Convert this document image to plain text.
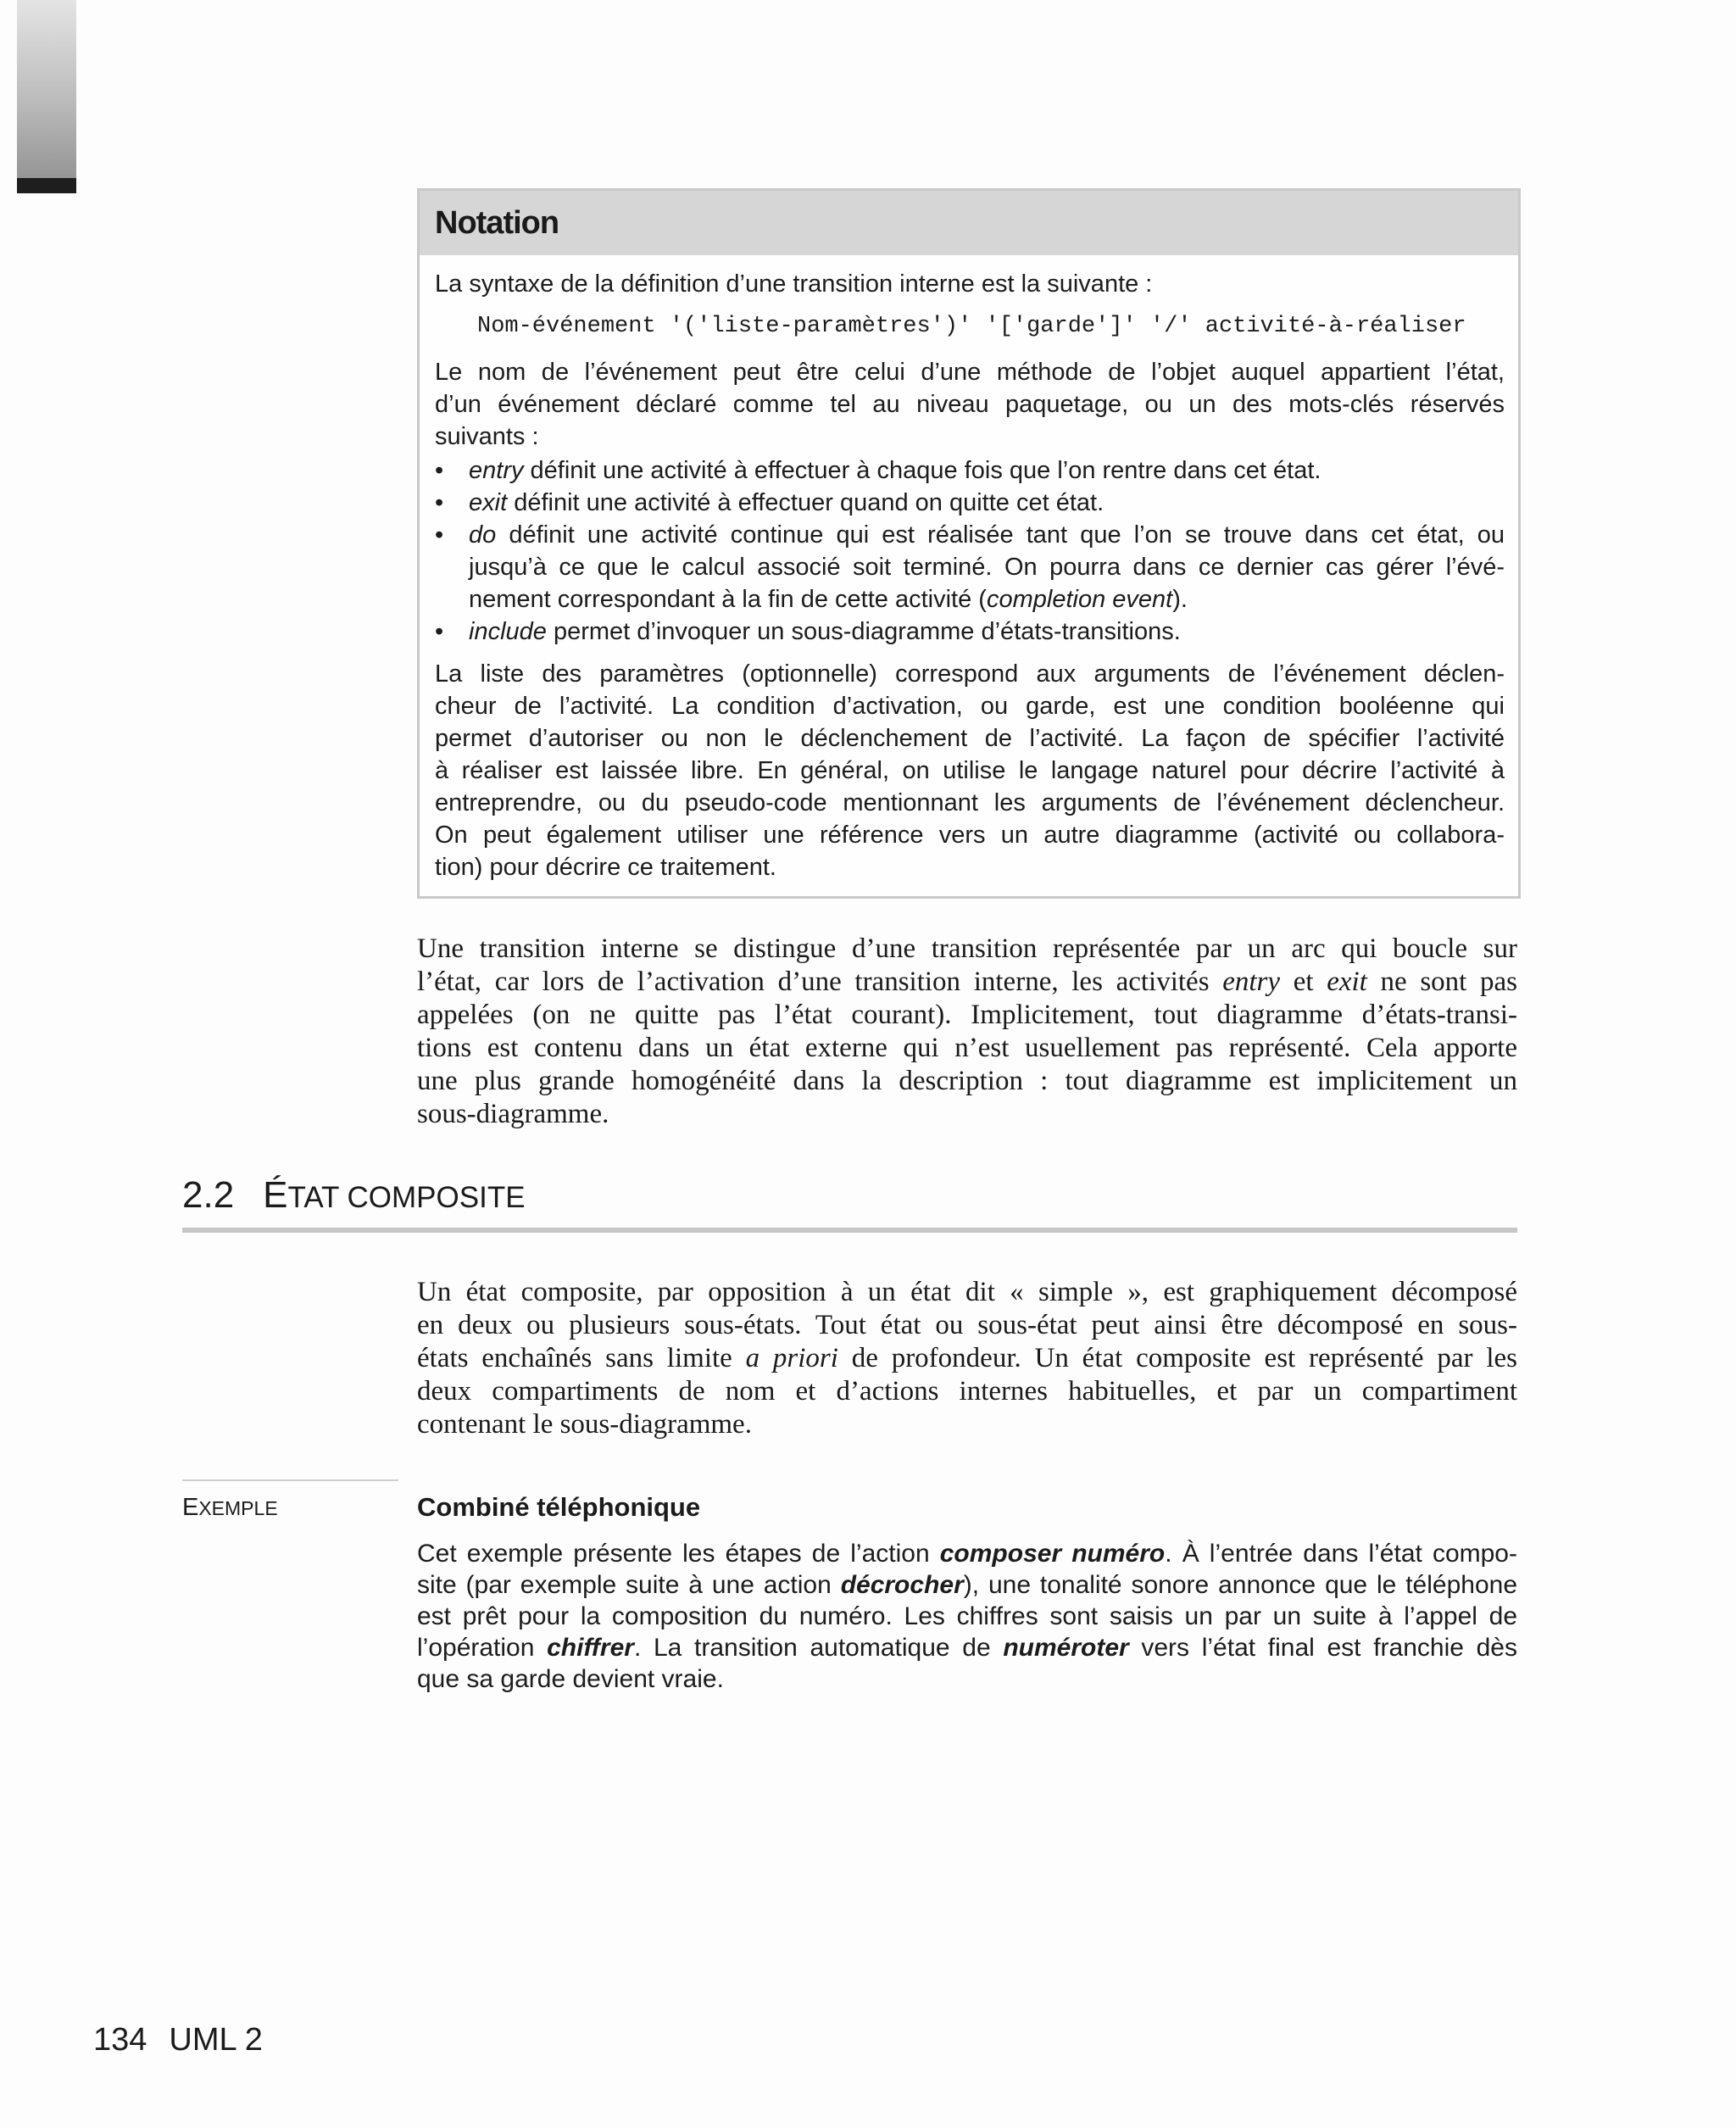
Notation
La syntaxe de la définition d’une transition interne est la suivante :
Nom-événement '('liste-paramètres')' '['garde']' '/' activité-à-réaliser
Le nom de l’événement peut être celui d’une méthode de l’objet auquel appartient l’état,
d’un événement déclaré comme tel au niveau paquetage, ou un des mots-clés réservés
suivants :
• entry définit une activité à effectuer à chaque fois que l’on rentre dans cet état.
• exit définit une activité à effectuer quand on quitte cet état.
• do définit une activité continue qui est réalisée tant que l’on se trouve dans cet état, ou
jusqu’à ce que le calcul associé soit terminé. On pourra dans ce dernier cas gérer l’évé-
nement correspondant à la fin de cette activité (completion event).
• include permet d’invoquer un sous-diagramme d’états-transitions.
La liste des paramètres (optionnelle) correspond aux arguments de l’événement déclen-
cheur de l’activité. La condition d’activation, ou garde, est une condition booléenne qui
permet d’autoriser ou non le déclenchement de l’activité. La façon de spécifier l’activité
à réaliser est laissée libre. En général, on utilise le langage naturel pour décrire l’activité à
entreprendre, ou du pseudo-code mentionnant les arguments de l’événement déclencheur.
On peut également utiliser une référence vers un autre diagramme (activité ou collabora-
tion) pour décrire ce traitement.
Une transition interne se distingue d’une transition représentée par un arc qui boucle sur
l’état, car lors de l’activation d’une transition interne, les activités entry et exit ne sont pas
appelées (on ne quitte pas l’état courant). Implicitement, tout diagramme d’états-transi-
tions est contenu dans un état externe qui n’est usuellement pas représenté. Cela apporte
une plus grande homogénéité dans la description : tout diagramme est implicitement un
sous-diagramme.
2.2 ÉTAT COMPOSITE
Un état composite, par opposition à un état dit « simple », est graphiquement décomposé
en deux ou plusieurs sous-états. Tout état ou sous-état peut ainsi être décomposé en sous-
états enchaînés sans limite a priori de profondeur. Un état composite est représenté par les
deux compartiments de nom et d’actions internes habituelles, et par un compartiment
contenant le sous-diagramme.
EXEMPLE	Combiné téléphonique
Cet exemple présente les étapes de l’action composer numéro. À l’entrée dans l’état compo-
site (par exemple suite à une action décrocher), une tonalité sonore annonce que le téléphone
est prêt pour la composition du numéro. Les chiffres sont saisis un par un suite à l’appel de
l’opération chiffrer. La transition automatique de numéroter vers l’état final est franchie dès
que sa garde devient vraie.
134 UML 2
